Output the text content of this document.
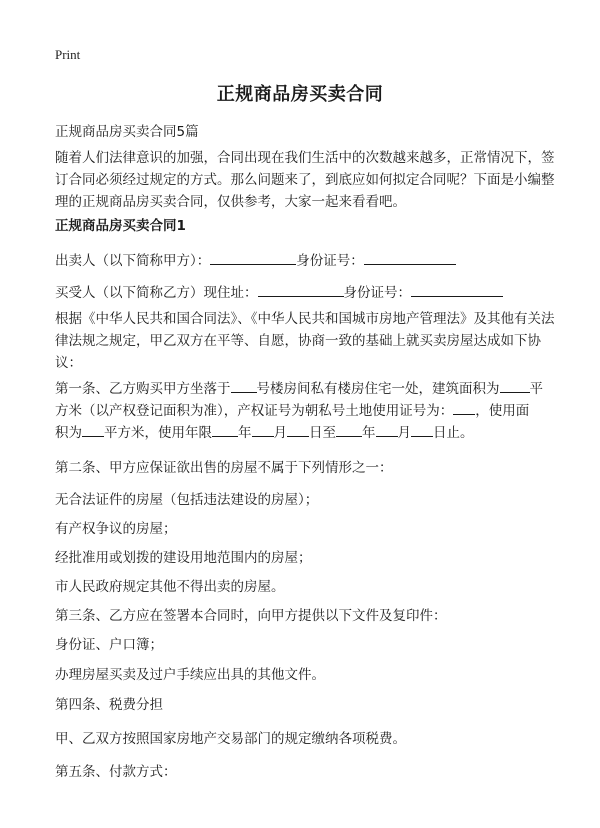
Print
正规商品房买卖合同
正规商品房买卖合同5篇

随着人们法律意识的加强，合同出现在我们生活中的次数越来越多，正常情况下，签订合同必须经过规定的方式。那么问题来了，到底应如何拟定合同呢？下面是小编整理的正规商品房买卖合同，仅供参考，大家一起来看看吧。

正规商品房买卖合同1
出卖人（以下简称甲方）：	身份证号：
买受人（以下简称乙方）现住址：	身份证号：

根据《中华人民共和国合同法》、《中华人民共和国城市房地产管理法》及其他有关法律法规之规定，甲乙双方在平等、自愿，协商一致的基础上就买卖房屋达成如下协议：

第一条、乙方购买甲方坐落于 号楼房间私有楼房住宅一处，建筑面积为 平
方米（以产权登记面积为准），产权证号为朝私号土地使用证号为： ，使用面
积为 平方米，使用年限 年 月 日至 年 月 日止。
第二条、甲方应保证欲出售的房屋不属于下列情形之一：
无合法证件的房屋（包括违法建设的房屋）；
有产权争议的房屋；
经批准用或划拨的建设用地范围内的房屋；
市人民政府规定其他不得出卖的房屋。
第三条、乙方应在签署本合同时，向甲方提供以下文件及复印件：
身份证、户口簿；
办理房屋买卖及过户手续应出具的其他文件。
第四条、税费分担
甲、乙双方按照国家房地产交易部门的规定缴纳各项税费。
第五条、付款方式：
